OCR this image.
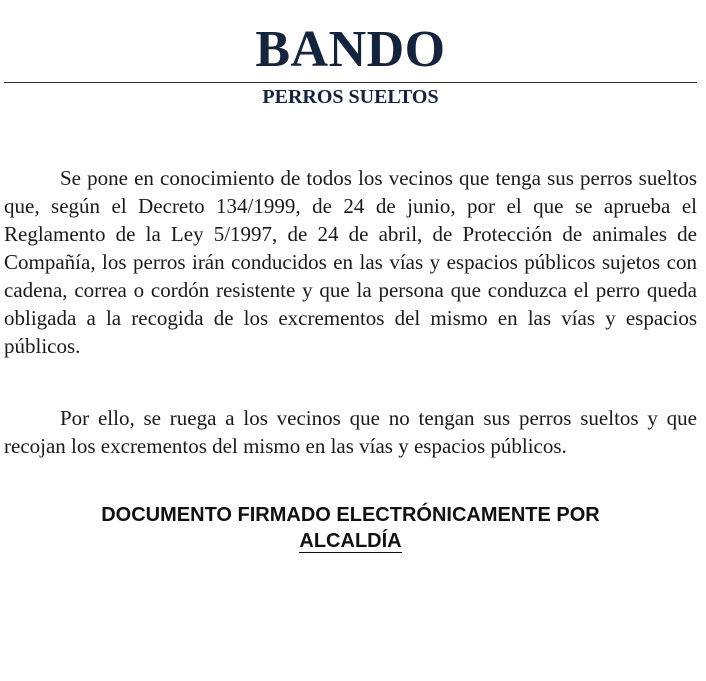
BANDO
PERROS SUELTOS

Se pone en conocimiento de todos los vecinos que tenga sus perros sueltos que, según el Decreto 134/1999, de 24 de junio, por el que se aprueba el Reglamento de la Ley 5/1997, de 24 de abril, de Protección de animales de Compañía, los perros irán conducidos en las vías y espacios públicos sujetos con cadena, correa o cordón resistente y que la persona que conduzca el perro queda obligada a la recogida de los excrementos del mismo en las vías y espacios públicos.

Por ello, se ruega a los vecinos que no tengan sus perros sueltos y que recojan los excrementos del mismo en las vías y espacios públicos.

DOCUMENTO FIRMADO ELECTRÓNICAMENTE POR
ALCALDÍA
